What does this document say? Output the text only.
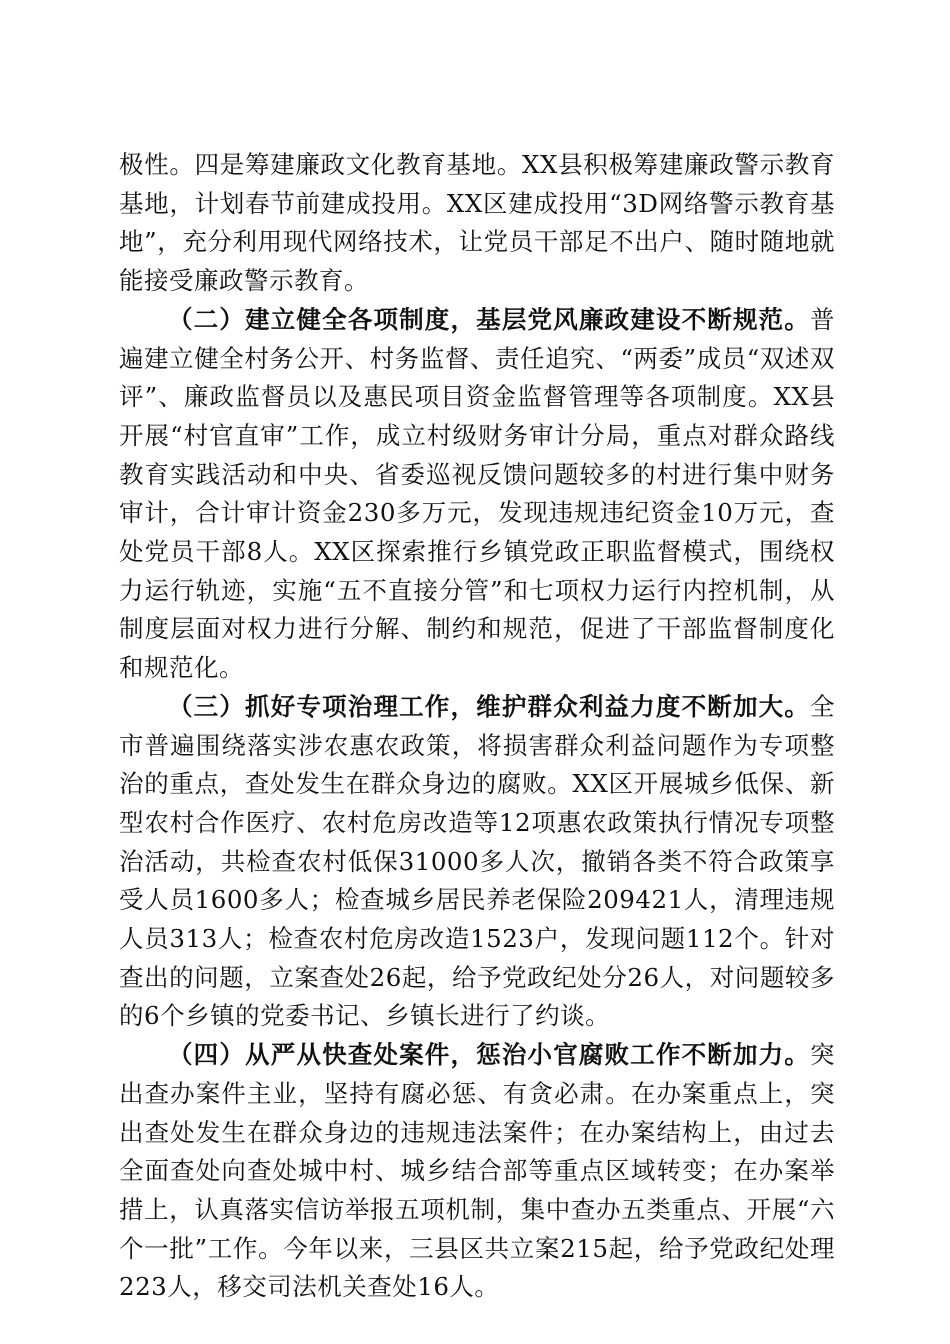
极性。四是筹建廉政文化教育基地。XX县积极筹建廉政警示教育基地，计划春节前建成投用。XX区建成投用“3D网络警示教育基地”，充分利用现代网络技术，让党员干部足不出户、随时随地就能接受廉政警示教育。

（二）建立健全各项制度，基层党风廉政建设不断规范。普遍建立健全村务公开、村务监督、责任追究、“两委”成员“双述双评”、廉政监督员以及惠民项目资金监督管理等各项制度。XX县开展“村官直审”工作，成立村级财务审计分局，重点对群众路线教育实践活动和中央、省委巡视反馈问题较多的村进行集中财务审计，合计审计资金230多万元，发现违规违纪资金10万元，查处党员干部8人。XX区探索推行乡镇党政正职监督模式，围绕权力运行轨迹，实施“五不直接分管”和七项权力运行内控机制，从制度层面对权力进行分解、制约和规范，促进了干部监督制度化和规范化。

（三）抓好专项治理工作，维护群众利益力度不断加大。全市普遍围绕落实涉农惠农政策，将损害群众利益问题作为专项整治的重点，查处发生在群众身边的腐败。XX区开展城乡低保、新型农村合作医疗、农村危房改造等12项惠农政策执行情况专项整治活动，共检查农村低保31000多人次，撤销各类不符合政策享受人员1600多人；检查城乡居民养老保险209421人，清理违规人员313人；检查农村危房改造1523户，发现问题112个。针对查出的问题，立案查处26起，给予党政纪处分26人，对问题较多的6个乡镇的党委书记、乡镇长进行了约谈。

（四）从严从快查处案件，惩治小官腐败工作不断加力。突出查办案件主业，坚持有腐必惩、有贪必肃。在办案重点上，突出查处发生在群众身边的违规违法案件；在办案结构上，由过去全面查处向查处城中村、城乡结合部等重点区域转变；在办案举措上，认真落实信访举报五项机制，集中查办五类重点、开展“六个一批”工作。今年以来，三县区共立案215起，给予党政纪处理223人，移交司法机关查处16人。
